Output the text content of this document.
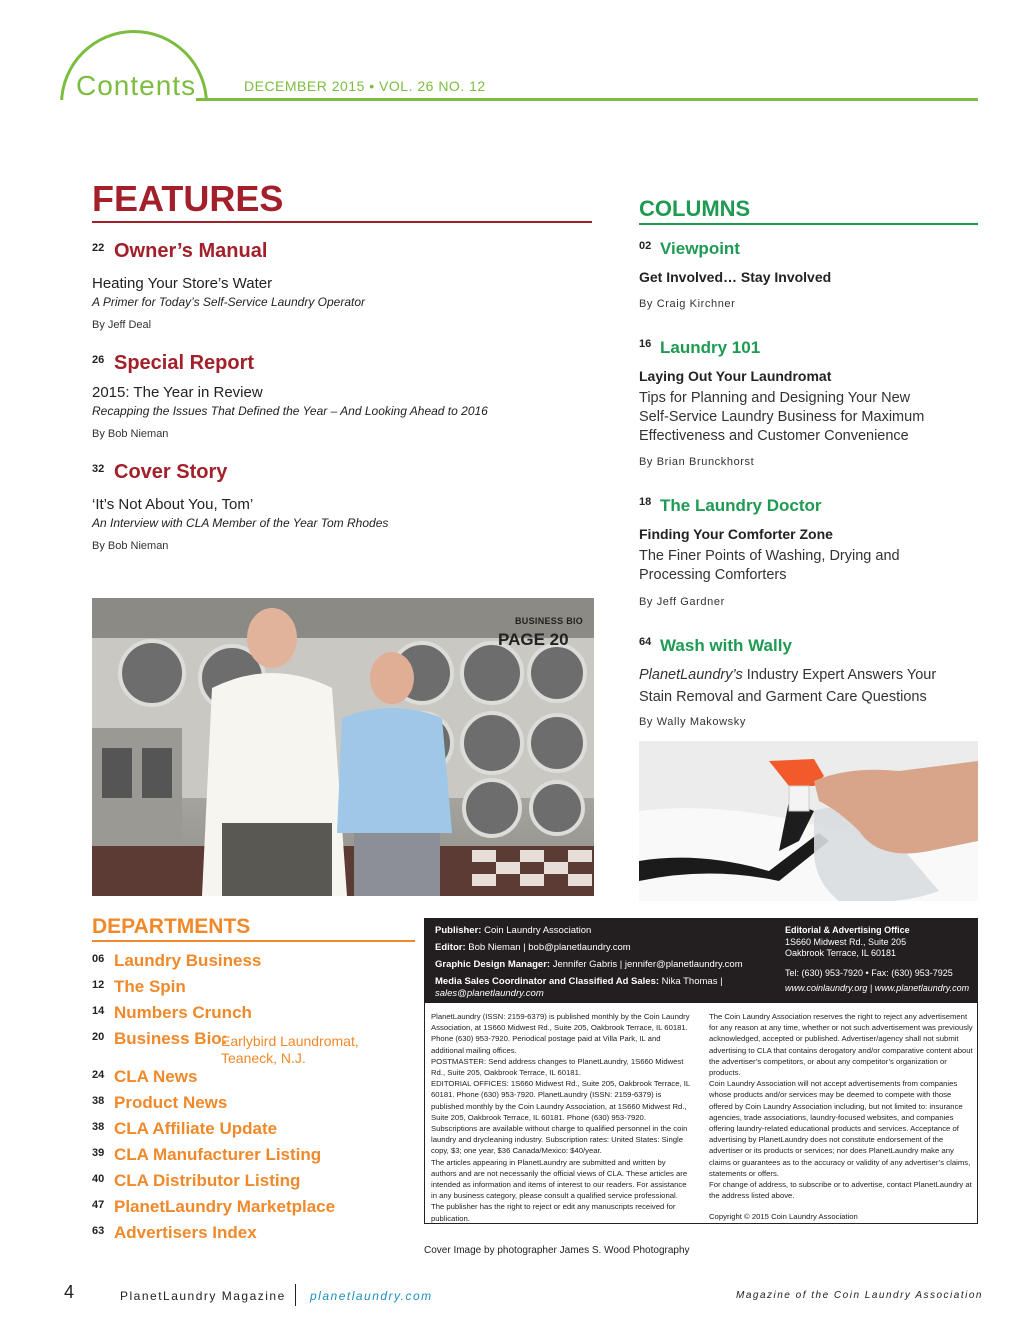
Contents	DECEMBER 2015 • VOL. 26 NO. 12
FEATURES
22 Owner’s Manual
Heating Your Store’s Water
A Primer for Today’s Self-Service Laundry Operator
By Jeff Deal
26 Special Report
2015: The Year in Review
Recapping the Issues That Defined the Year – And Looking Ahead to 2016
By Bob Nieman
32 Cover Story
‘It’s Not About You, Tom’
An Interview with CLA Member of the Year Tom Rhodes
By Bob Nieman
COLUMNS
02 Viewpoint
Get Involved… Stay Involved
By Craig Kirchner
16 Laundry 101
Laying Out Your Laundromat
Tips for Planning and Designing Your New Self-Service Laundry Business for Maximum Effectiveness and Customer Convenience
By Brian Brunckhorst
18 The Laundry Doctor
Finding Your Comforter Zone
The Finer Points of Washing, Drying and Processing Comforters
By Jeff Gardner
64 Wash with Wally
PlanetLaundry’s Industry Expert Answers Your Stain Removal and Garment Care Questions
By Wally Makowsky
BUSINESS BIO
PAGE 20
DEPARTMENTS
06 Laundry Business
12 The Spin
14 Numbers Crunch
20 Business Bio:
Earlybird Laundromat,
Teaneck, N.J.
24 CLA News
38 Product News
38 CLA Affiliate Update
39 CLA Manufacturer Listing
40 CLA Distributor Listing
47 PlanetLaundry Marketplace
63 Advertisers Index
Publisher: Coin Laundry Association
Editor: Bob Nieman | bob@planetlaundry.com
Graphic Design Manager: Jennifer Gabris | jennifer@planetlaundry.com
Media Sales Coordinator and Classified Ad Sales: Nika Thomas |
sales@planetlaundry.com
Editorial & Advertising Office
1S660 Midwest Rd., Suite 205
Oakbrook Terrace, IL 60181
Tel: (630) 953-7920 • Fax: (630) 953-7925
www.coinlaundry.org | www.planetlaundry.com

PlanetLaundry (ISSN: 2159-6379) is published monthly by the Coin Laundry Association, at 1S660 Midwest Rd., Suite 205, Oakbrook Terrace, IL 60181. Phone (630) 953-7920. Periodical postage paid at Villa Park, IL and additional mailing offices.

POSTMASTER: Send address changes to PlanetLaundry, 1S660 Midwest Rd., Suite 205, Oakbrook Terrace, IL 60181.

EDITORIAL OFFICES: 1S660 Midwest Rd., Suite 205, Oakbrook Terrace, IL 60181. Phone (630) 953-7920. PlanetLaundry (ISSN: 2159-6379) is published monthly by the Coin Laundry Association, at 1S660 Midwest Rd., Suite 205, Oakbrook Terrace, IL 60181. Phone (630) 953-7920.

Subscriptions are available without charge to qualified personnel in the coin laundry and drycleaning industry. Subscription rates: United States: Single copy, $3; one year, $36 Canada/Mexico: $40/year.

The articles appearing in PlanetLaundry are submitted and written by authors and are not necessarily the official views of CLA. These articles are intended as information and items of interest to our readers. For assistance in any business category, please consult a qualified service professional. The publisher has the right to reject or edit any manuscripts received for publication.

The Coin Laundry Association reserves the right to reject any advertisement for any reason at any time, whether or not such advertisement was previously acknowledged, accepted or published. Advertiser/agency shall not submit advertising to CLA that contains derogatory and/or comparative content about the advertiser’s competitors, or about any competitor’s organization or products.

Coin Laundry Association will not accept advertisements from companies whose products and/or services may be deemed to compete with those offered by Coin Laundry Association including, but not limited to: insurance agencies, trade associations, laundry-focused websites, and companies offering laundry-related educational products and services. Acceptance of advertising by PlanetLaundry does not constitute endorsement of the advertiser or its products or services; nor does PlanetLaundry make any claims or guarantees as to the accuracy or validity of any advertiser’s claims, statements or offers.

For change of address, to subscribe or to advertise, contact PlanetLaundry at the address listed above.

Copyright © 2015 Coin Laundry Association

Cover Image by photographer James S. Wood Photography
4	PlanetLaundry Magazine planetlaundry.com	Magazine of the Coin Laundry Association
